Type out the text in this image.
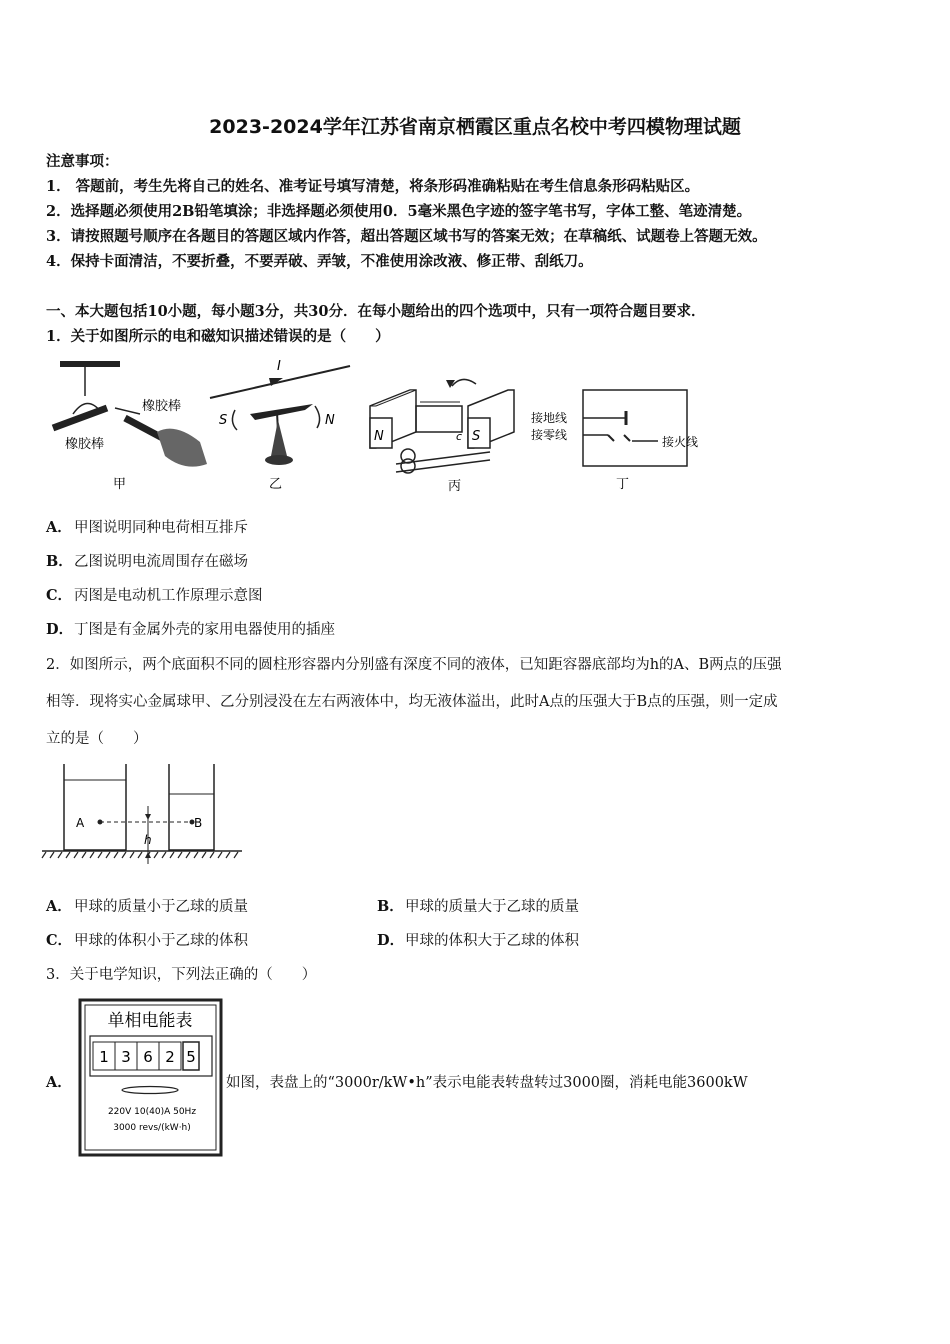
2023-2024学年江苏省南京栖霞区重点名校中考四模物理试题
注意事项：
1． 答题前，考生先将自己的姓名、准考证号填写清楚，将条形码准确粘贴在考生信息条形码粘贴区。
2．选择题必须使用2B铅笔填涂；非选择题必须使用0．5毫米黑色字迹的签字笔书写，字体工整、笔迹清楚。
3．请按照题号顺序在各题目的答题区域内作答，超出答题区域书写的答案无效；在草稿纸、试题卷上答题无效。
4．保持卡面清洁，不要折叠，不要弄破、弄皱，不准使用涂改液、修正带、刮纸刀。
一、本大题包括10小题，每小题3分，共30分．在每小题给出的四个选项中，只有一项符合题目要求．
1．关于如图所示的电和磁知识描述错误的是（　　）
橡胶棒
橡胶棒
甲
I
S	N
乙
N	S
c
丙
接地线
接零线	接火线
丁
A． 甲图说明同种电荷相互排斥
B． 乙图说明电流周围存在磁场
C． 丙图是电动机工作原理示意图
D． 丁图是有金属外壳的家用电器使用的插座
2．如图所示，两个底面积不同的圆柱形容器内分别盛有深度不同的液体，已知距容器底部均为h的A、B两点的压强
相等．现将实心金属球甲、乙分别浸没在左右两液体中，均无液体溢出，此时A点的压强大于B点的压强，则一定成
立的是（　　）
A	B
h
A． 甲球的质量小于乙球的质量	B． 甲球的质量大于乙球的质量
C． 甲球的体积小于乙球的体积	D． 甲球的体积大于乙球的体积
3．关于电学知识，下列法正确的（　　）
单相电能表
1 3 6 2 5
220V 10(40)A 50Hz
3000 revs/(kW·h)
A．	如图，表盘上的“3000r/kW•h”表示电能表转盘转过3000圈，消耗电能3600kW
